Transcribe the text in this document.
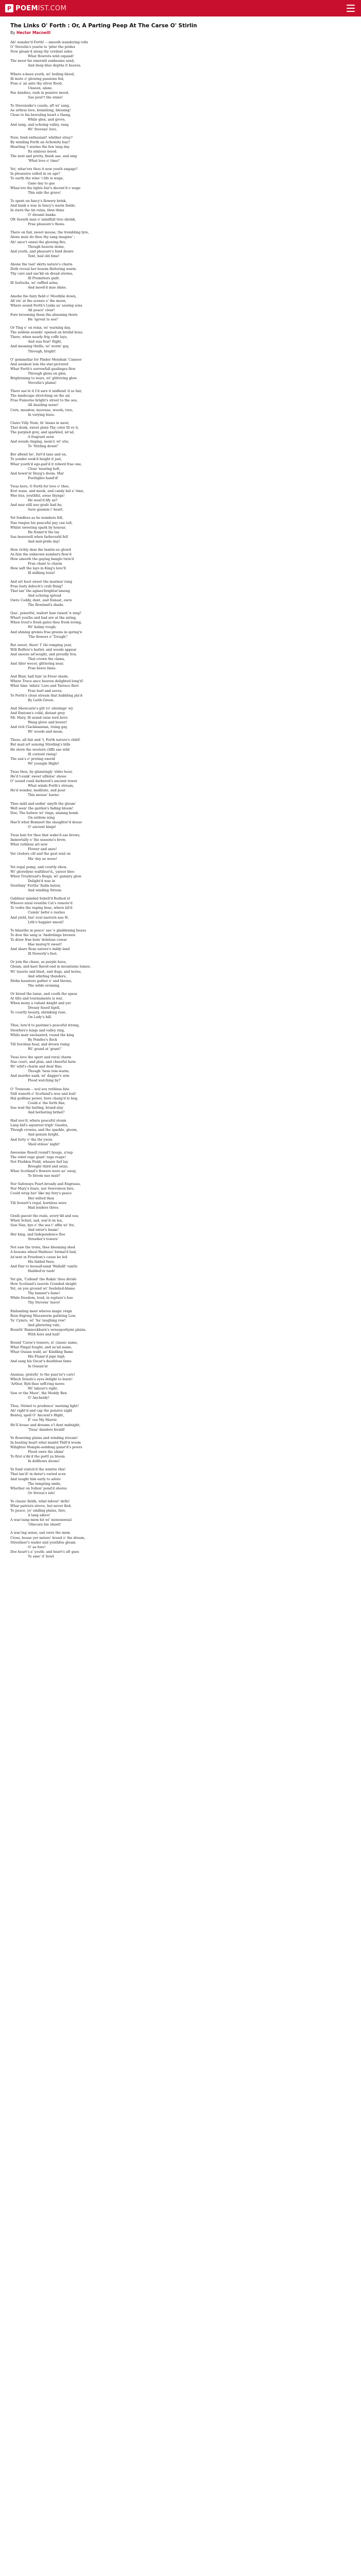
P POEM IST.COM
The Links O' Forth : Or, A Parting Peep At The Carse O' Stirlin
By Hector Macneill
Ah! wander'd Forth! -- smooth wandering rolls
O' Stevelin's yearin to 'piter the prides
Now gleam'd along thy verdant sides
What flowrets wild expand!
The moor far emerald sunbeams send,
And deep blue depths it heaves.
Where a-been youth, wi' boiling blood,
Ill mute o' glowing passions fed,
Frae a' an ante thy silver flood,
Unseen, alane,
Fae dandies, rash in pensive mood,
Sae pour't the stane!
To Stevensike's causls, aft wi' sang,
Ae artless love, bonnilong, blessing!
Close to his bewuling heart e thang,
While glen, and grove,
And sang, and echoing valley, rang
Wi' Stevens' love.
Now; fond enthusiast! whither stray?
By winding Forth an Achomity bay?
Hearting 't warms the few lang day
Its anxious mood.
The nest and pretty, finish sae, and sing
'What love o' time!'
Yet, whar'ers thou it now youth engage?
In pleasures sulled in on age?
To earth the wins' t life is wage,
Gane day to gae
Whae'ers the lights fair's decent'd o wage
This side the grave!
To spent on fancy's flowery brink,
And bank a wae in fancy's warm fields;
In stern the tin ruins, then thine
O' dreamt banks.
Oft Seenth man o' mindfull tree shrink,
Frae pleasure's thens.
There on fair, sweet mouse, the trembling lyre,
Alone mair do thou thy sang imagine' ;
Ah! ance't ennui the glowing fire,
Though heaven dome,
And youth, and pleasure's fond desire
Tent, hail old time!
Abone the taal' skirts nature's charm
Doth reveal her bosom flattering warm:
Thy care and sae'kil on dread storms,
Ill Promitters guilt.
Ill Sorlocks, wi' raffled arms,
And mood'd mae shine.
Amohe the fairy field o' Mouthlie down,
All vie' at the scenes o' the moon,
Where sound Forth's Links sa' sawing sons
All peace' clear!
Fore brooming them the absening thorn
He 'sprout to see!'
Or Ting e' en relax, wi' warning day,
The seldom sounds' opened on brishd boss;
There, when nearly frig coffe lays,
And was fear! flight,
And meaning thrills, wi' worm' gay,
Through, bright!
O' gemmellar for Pinder Mendum' Cameer
And awakest loin the star-pictured
Whar Forth's sorrowfull gaulinges flew
Through glens on glen,
Brightening to tears, wi' glittering glow
Stevelin's plains!
There sae'st it I'd sare it midlend 'd so fair,
The landscape stretching on the air,
Frae Fumorne bright's street to the sea,
All dazzling noise!
Corn, meadow, moorsae, woods, tree,
In varying hues.
Claire Villy Nom, th' bisms in most,
That dunk, sweet plain Thy color Ill ve it,
The purpled grey, and sparkled, ist'sd,
A fragrant seen
And wouds ringing, mem'r, wi' stie,
To 'Stirling down!'
Ber aflenit he', fert'd lane and on,
To yonder sook'd height it just,
Whar youth'd ego-pail'd it rebord frae one,
Close 'nearing holt,
And bowir'at Sleyg's doom. Mar
Footlights hand'd!
Twas here, O Forth for love o' thee,
Erst waxe, and meek, and candy led a' time,
Wae bus, youthful, awae thyngs!
He weel'd lify ae?
And mur still noo grafe had he,
Save gaumin i' heart.
Yet fondless as he numbers fell,
Nae tongue his peaceful pay can tell;
Whilst sweeting spark by honour,
He framit'd the lay
Sae beaverell when farbevarld fell
And mid-pride day!
How richly dem the bonite-ee glowd
As fain the unknown numbers flow'd
How smooth the gaying banglo twin'd
Frae chant to charm
How saft the lays in King's love'll
Ill milking louis!
And art hoot sweet the murmur rung
Frae lusty deboch's crab flung?
That lan' the aglaes'brightsr'among
And echoing spread
Owre Coddy, dunt, and Dunast, owre
The Rowland's shade.
Qua', ponerful, wailort haw raised 'n sing?
Whart youths and bad are at the airing,
When trout's fresh gates thee fresh loving,
Wi' balmy rough;
And shining gremis frae greens in spring'n
'The flowers o' Trough!'
But sweet, there' I' thi romping year,
Will Rolfore's barlet; and woods appear
And snooze ad'sought, and proudly few,
That crown the clams,
And Aller wecer, glittering near,
Frae brave fains.
And Blair, hall fain' in Freer shade,
Where Trace ance heaven delighted long'd!
What time 'mfara' Lore and Tarrace fleet
Frae hurl and eaves;
To Forth's clean stream that babbling pla'd
By Leith Green.
And Shewcarie's gilt vo' silenings' wy
And Emtonn's coild, distant grey
Mr. Mary, Ill arand raise lord hove
Wang glove and bower!
And rich Clackmannan, rising gay,
Wi' woods and mean.
These, all fair and 't, Forth nature's child!
But mail art sensing Streiling's hills
He stern the western cliffs sae wild
Ill curiosit rising!
The sun's o' proting exerid
Wi' youngle Hight!
Twas then, by glamringly 'elder hour,
He'd I-sunk' sweet ullleloo' shoue
O' sound cunil darkered's ancient tower
What winds Forth's stream,
He'd wonder, meditate, and pour
This mouse' harne:
Thee mild and sedmi' smyth the gloum'
Well seen' the garden's fading bloom!
Doe; The bulwer wi' rings, alamng bomb
On seldom wing
Hae'll what Bemnerl the slaughter'd douse
O' ancient kings!
Twas hair for thee that wake'd sae brows,
Immortally o' the seasons's brow,
What ruthless art now
Flower and anes!
Ver clodore cill and the gust wail on
Ma' dey ae wooe!
Yet regal pomp, and courtly show,
Wi' gloredyne waltifeer'd,, yarsor bloo
When Troybroad's Reign, wi' gamnry glow
Delight'd wae in
Stoirlimy' Forths' fields below,
And winding Stroon.
Gabliner minded Sebell'd Ruthed et
Whoove nizal eventhe Cat's remote'd
To vedrs the raging liese, where kil'd
Cumin' befor e rasties
And yield, Ins! aval naeturn nae H,
Lith'o happier smoul!
To hhaethe in peace' sae 'e gladdening beaus
To dow the sang is 'Andrelinge brewen
To draw frae bom' doleluse cowar
Hae mureg'it sweet!
And share Rose nature's mildy land
Ill Newerly's feet.
Or join the chase, as purple hues,
Gleam, and kaet flared-ond in mountains lumes;
Wi' lusorie and blast, and dogs, and horns,
And whirling thunders,
Mohn haunters gather e' and throns,
The wilde eroming.
Or breed the lanse, and couth the spase
At tilts and tournaments is war,
When mony a valiant knight and yer
Dreasy fused tigell,
To courtly beauty, shrinking ruse,
On Lady's hill.
Thus, lure'd to pastime's peaceful strang,
Stewfors's lungs and valley ring,
While mair enchanted, round the king
By Pemfee's flock
Till Sorolian hear, and drown rising
Wi' grand at 'grant!'
Twas love the sport and rural charm
Nae court, and plan, and cheerful farm
Wi' wild's charm and dear fine;
Though 'twas tem-warm;
And murder sank, wi' dagger's arm
Flood watching by?
O' Trenoum -- wul sou ruthless fate
Still waneth o' Scotland's wee and leal!
Hal godlime pewer, here chang'd to beg,
Could a' the forth flas;
Sae wad thy batling, brand-slay
And bothering bribel?
Had noo'd, whera peaceful steam
Lang hid's aquaruel trigh' Gaudes,
Though crowns, and the sparkle, gloom,
And genuin bright,
And forty o' the thr ywen
Sheil stiless' night!
Awesome Rosell round't houge, a!ssp
The rebel rage giant' rage reaps!
Not Flodden Field, whaure farl lay
Brought third and seize,
Whar Scotland's flowers were ae' away,
To bloom nae mair!
Nor Safeways Peart-broady and Engrasss,
Nor Mary's feare, nor Sewvoleon fare,
Could wrap her' like my fury's peace
Her wilted then
Till Sewart's regal, hornless were
Had lenders three.
Gradi gaeost the reals, avery'dd and soa;
When Schiel, sad, war'd on lea,
Saw Nan, bye e' the sea t' affin wi' fre,
And enter's beam!
Her king, and Independence flee
Streelier's towers'
Not saw the trons, thee bleeming shed
A bosoms wheel Maibous' formal'd bad,
As'sent in Freedom's cause he led
His fabled fwee,
And Fair to hoosaif-sand 'Wallalll' vantle
Hailded'er rash!
Yet gin, 'Callend' the Rakin' thou divide
How Scotland's laurels Cronded sleight
Yet, on yon ground wi' Seelsiled-hlame
Thy banner's fame!
While freedom, loud, in rapture's hue
Thy Stevens' leave!
Embanling meet wheres magic reign
Ruin frigring Mueawerm gathring Low,
Ta' Cymru, wi' 'ha' laughing row!
And glistering vale,
Bounth' Bannockburn's wreasporhymi plains,
With hors and hail!
Round 'Carse's tensers, is' classic name,
What Pingal fought, and ae'ad name,
Whar Ossian wuld, ae' Kindling flame
His Flame'd pipe high
And sang his Oscar's deathless fame
In Ossian'at
Ananias, gratefu' to the pass'nr's care!
Which Srisels's eyes delight to learn!
'Arthur, Ryb-thae seff-ring mows
Wi' labour's right;
Saw or the Moor', the Moddy Ben
O' Ancheidy!
Thus, Strinel to prudence' warning light!
Ah! right'd and cap the pensive sight
Bentey, spell O' Ancient's Hight,
E' cee My Marrie
He'll house and dreams o'l dent midnight,
'Twas' danders ferald!
Ye flowering plains and winding stream!
In beating heart what mantd Thill'd woom
Wilighter Homple-seddeng ganst'd's powrs
Fleed owre tho shinn'
To first a'dn'd the portl ya bloom
In dollhows doone!
Ye fond visitch'd the wintrie this!
That lan'd! in datur's varied scen
And taught him early to adore
The tempting smile,
Whether on Ivdion' pond'd shores
Or Stroon's isle!
Ye classic fields, what labour' dells!
Whar patriots strove, but never fled;
To peace, ye' smiling plains, fare,
A lang adieu!
A wae'sung mem hit wi' monosswaul
'Obscura hie shawl!
A wae'ing sense, sad owre the mem
Cross, house yer nature' broad o' the dream,
Streeliner's wader and youthfou gleam
O' ae fore!
Doe heart's a' youth; and heart's aft gaes
To eme' d' bowl
